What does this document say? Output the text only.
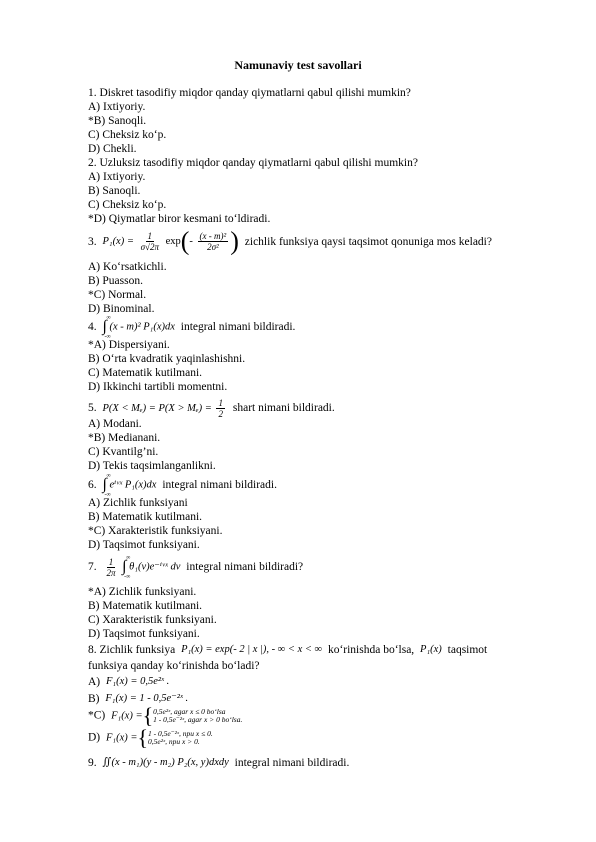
Namunaviy test savollari
1. Diskret tasodifiy miqdor qanday qiymatlarni qabul qilishi mumkin?
A) Ixtiyoriy.
*B) Sanoqli.
C) Cheksiz ko‘p.
D) Chekli.
2. Uzluksiz tasodifiy miqdor qanday qiymatlarni qabul qilishi mumkin?
A) Ixtiyoriy.
B) Sanoqli.
C) Cheksiz ko‘p.
*D) Qiymatlar biror kesmani to‘ldiradi.
3. $P_1(x) = \frac{1}{\sigma√2\pi} \exp(- \frac{\text{(x - m)²}}{\text{2σ²}}$ ) zichlik funksiya qaysi taqsimot qonuniga mos keladi?
A) Ko‘rsatkichli.
B) Puasson.
*C) Normal.
D) Binominal.
4.
∞
∫
-∞
(x - m)² P₁(x)dx integral nimani bildiradi.
*A) Dispersiyani.
B) O‘rta kvadratik yaqinlashishni.
C) Matematik kutilmani.
D) Ikkinchi tartibli momentni.
5. $P(X < M_e) = P(X > M_e) = \frac{1}{2}$ shart nimani bildiradi.
A) Modani.
*B) Medianani.
C) Kvantilg’ni.
D) Tekis taqsimlanganlikni.
6.
∞
∫
-∞
eⁱᵛˣ P₁(x)dx integral nimani bildiradi.
A) Zichlik funksiyani
B) Matematik kutilmani.
*C) Xarakteristik funksiyani.
D) Taqsimot funksiyani.
7. $\frac{1}{2\pi}$
∞
∫
-∞
θ₁(v)e⁻ⁱᵛˣ dv integral nimani bildiradi?
*A) Zichlik funksiyani.
B) Matematik kutilmani.
C) Xarakteristik funksiyani.
D) Taqsimot funksiyani.
8. Zichlik funksiya P₁(x) = exp(- 2 | x |), - ∞ < x < ∞ ko‘rinishda bo‘lsa, P₁(x) taqsimot
funksiya qanday ko‘rinishda bo‘ladi?
A) F₁(x) = 0,5e²ˣ .
B) F₁(x) = 1 - 0,5e⁻²ˣ .
*C) F₁(x) ={ 0,5e²ˣ, agar x ≤ 0 bo‘lsa
1 - 0,5e⁻²ˣ, agar x > 0 bo‘lsa.
D) F₁(x) ={ 1 - 0,5e⁻²ˣ, npu x ≤ 0.
0,5e²ˣ, npu x > 0.
9. ∬(x - m₁)(y - m₂) P₂(x, y)dxdy integral nimani bildiradi.
